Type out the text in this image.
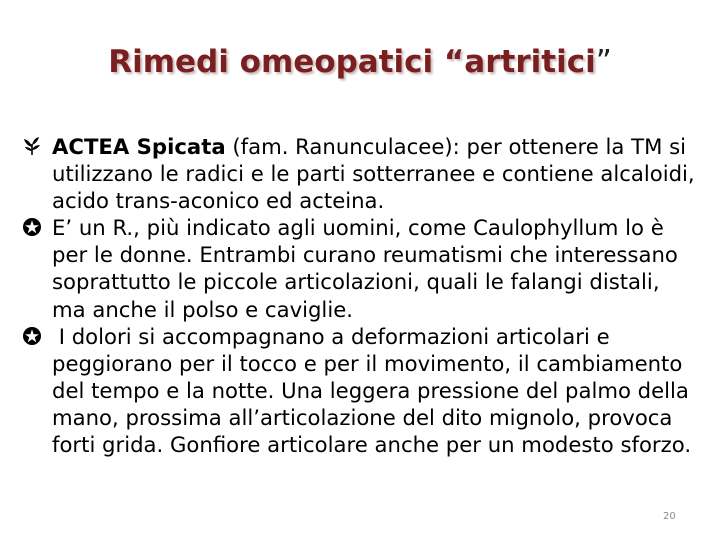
Rimedi omeopatici “artritici”

ACTEA Spicata (fam. Ranunculacee): per ottenere la TM si utilizzano le radici e le parti sotterranee e contiene alcaloidi, acido trans-aconico ed acteina.

E’ un R., più indicato agli uomini, come Caulophyllum lo è per le donne. Entrambi curano reumatismi che interessano soprattutto le piccole articolazioni, quali le falangi distali, ma anche il polso e caviglie.

I dolori si accompagnano a deformazioni articolari e peggiorano per il tocco e per il movimento, il cambiamento del tempo e la notte. Una leggera pressione del palmo della mano, prossima all’articolazione del dito mignolo, provoca forti grida. Gonfiore articolare anche per un modesto sforzo.

20
